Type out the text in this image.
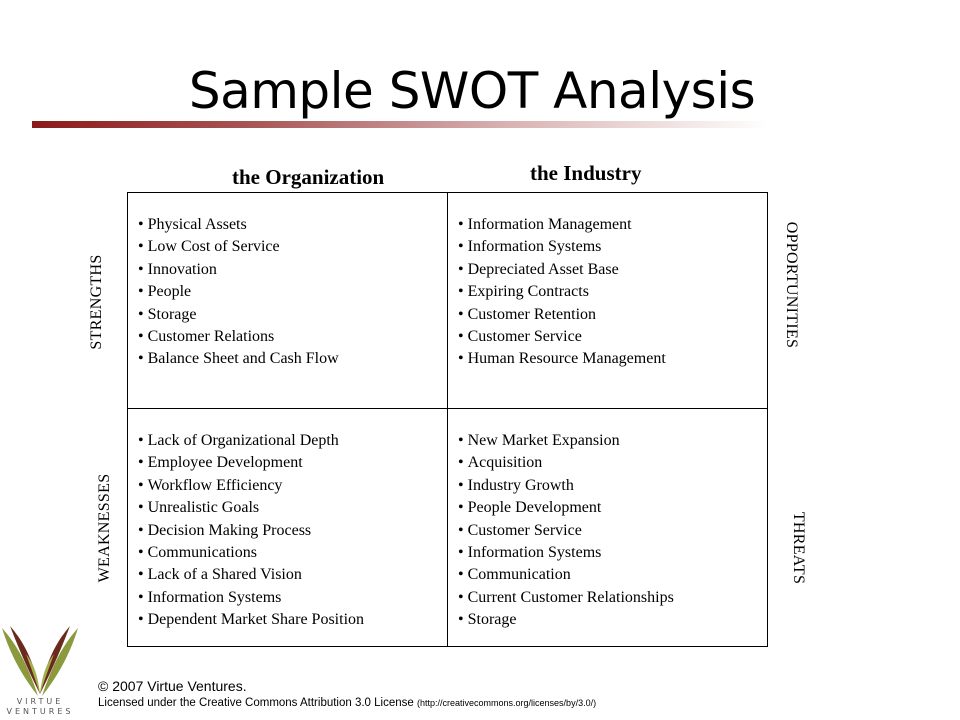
Sample SWOT Analysis
the Organization	the Industry
• Physical Assets
• Low Cost of Service
• Innovation
• People
• Storage
• Customer Relations
• Balance Sheet and Cash Flow
• Information Management
• Information Systems
• Depreciated Asset Base
• Expiring Contracts
• Customer Retention
• Customer Service
• Human Resource Management
• Lack of Organizational Depth
• Employee Development
• Workflow Efficiency
• Unrealistic Goals
• Decision Making Process
• Communications
• Lack of a Shared Vision
• Information Systems
• Dependent Market Share Position
• New Market Expansion
• Acquisition
• Industry Growth
• People Development
• Customer Service
• Information Systems
• Communication
• Current Customer Relationships
• Storage
STRENGTHS
WEAKNESSES
OPPORTUNITIES
THREATS
VIRTUE VENTURES
© 2007 Virtue Ventures.
Licensed under the Creative Commons Attribution 3.0 License (http://creativecommons.org/licenses/by/3.0/)
